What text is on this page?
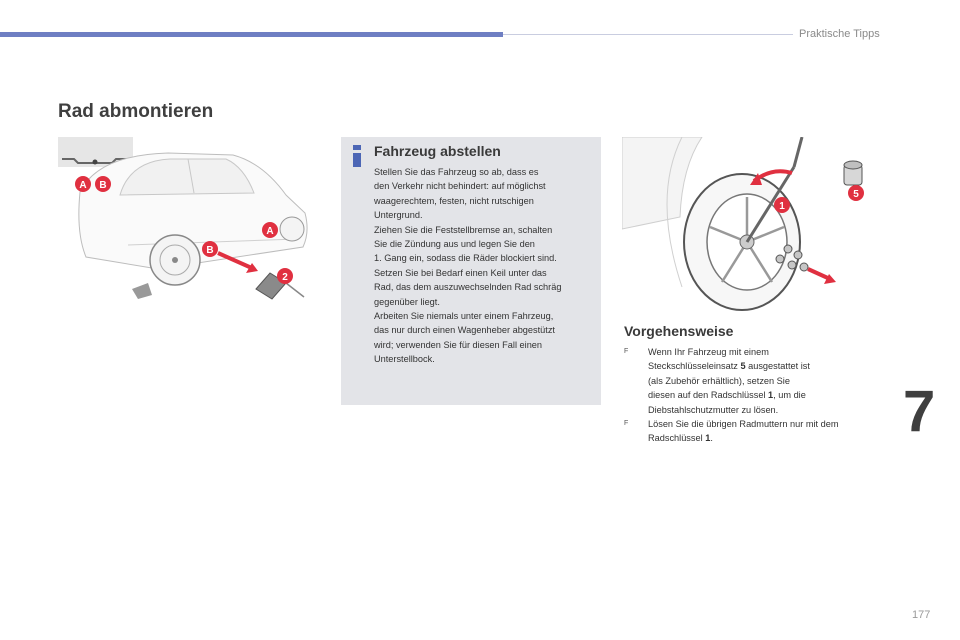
Praktische Tipps
Rad abmontieren
A B
A
B
2
Fahrzeug abstellen

Stellen Sie das Fahrzeug so ab, dass es

den Verkehr nicht behindert: auf möglichst

waagerechtem, festen, nicht rutschigen

Untergrund.

Ziehen Sie die Feststellbremse an, schalten

Sie die Zündung aus und legen Sie den

1. Gang ein, sodass die Räder blockiert sind.

Setzen Sie bei Bedarf einen Keil unter das

Rad, das dem auszuwechselnden Rad schräg

gegenüber liegt.

Arbeiten Sie niemals unter einem Fahrzeug,

das nur durch einen Wagenheber abgestützt

wird; verwenden Sie für diesen Fall einen

Unterstellbock.

1
5
Vorgehensweise
F Wenn Ihr Fahrzeug mit einem
Steckschlüsseleinsatz 5 ausgestattet ist
(als Zubehör erhältlich), setzen Sie
diesen auf den Radschlüssel 1, um die
Diebstahlschutzmutter zu lösen.
F Lösen Sie die übrigen Radmuttern nur mit dem
Radschlüssel 1.	7
177
